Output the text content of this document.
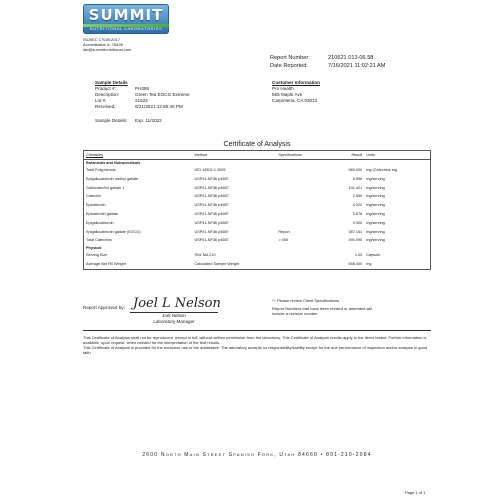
SUMMIT
NUTRITIONAL LABORATORIES
ISO/IEC 17025:2017
Accreditation #: 75496
lab@summitnutritional.com
Report Number:	210621 013-06.58
Date Reported:	7/16/2021 11:02:21 AM
Sample Details
Product #:	PH395
Description:	Green Tea EGCG Extreme
Lot #:	21522
Received:	6/21/2021 12:56:40 PM
Sample Details: Exp. 11/2022
Customer Information
Pro Health
555 Maple Ave
Carpinteria, CA 93013
Certificate of Analysis
Chemistry	Method	Specifications	Result	Units
Botanicals and Nutraceuticals				
Total Polyphenols	ISO 14502-1 2005		560.000	mg (Catechins eq)
Epigallocatechin methyl gallate	USP41-NF36 p4687		5.556	mg/serving
Gallocatechin gallate 1	USP41-NF36 p4687		101.421	mg/serving
Catechin	USP41-NF36 p4687		2.659	mg/serving
Epicatechin	USP41-NF36 p4687		4.222	mg/serving
Epicatechin gallate	USP41-NF36 p4687		0.578	mg/serving
Epigallocatechin	USP41-NF36 p4687		0.000	mg/serving
Epigallocatechin gallate (EGCG)	USP41-NF36 p4687	Report	387.161	mg/serving
Total Catechins	USP41-NF36 p4687	> 455	490.095	mg/serving
Physical				
Serving Size	SNL MA 210		1.00	Capsule
Average Net Fill Weight	Calculated Sample Weight		658.400	mg
Report Approved by: Joel L Nelson
Joel Nelson
Laboratory Manager
*= Please review Client Specifications
Report Numbers that have been revised or amended will include a revision number
This Certificate of Analysis shall not be reproduced, except in full, without written permission from the laboratory. This Certificate of Analysis results apply to the items tested. Further information is available, upon request, when needed for the interpretation of the test results.
This Certificate of Analysis is provided for the exclusive use of the addressee. The laboratory accepts no responsibility/liability except for the due performance of inspection and/or analysis in good faith.
2600 North Main Street Spanish Fork, Utah 84660 • 801-210-2084
Page 1 of 1
